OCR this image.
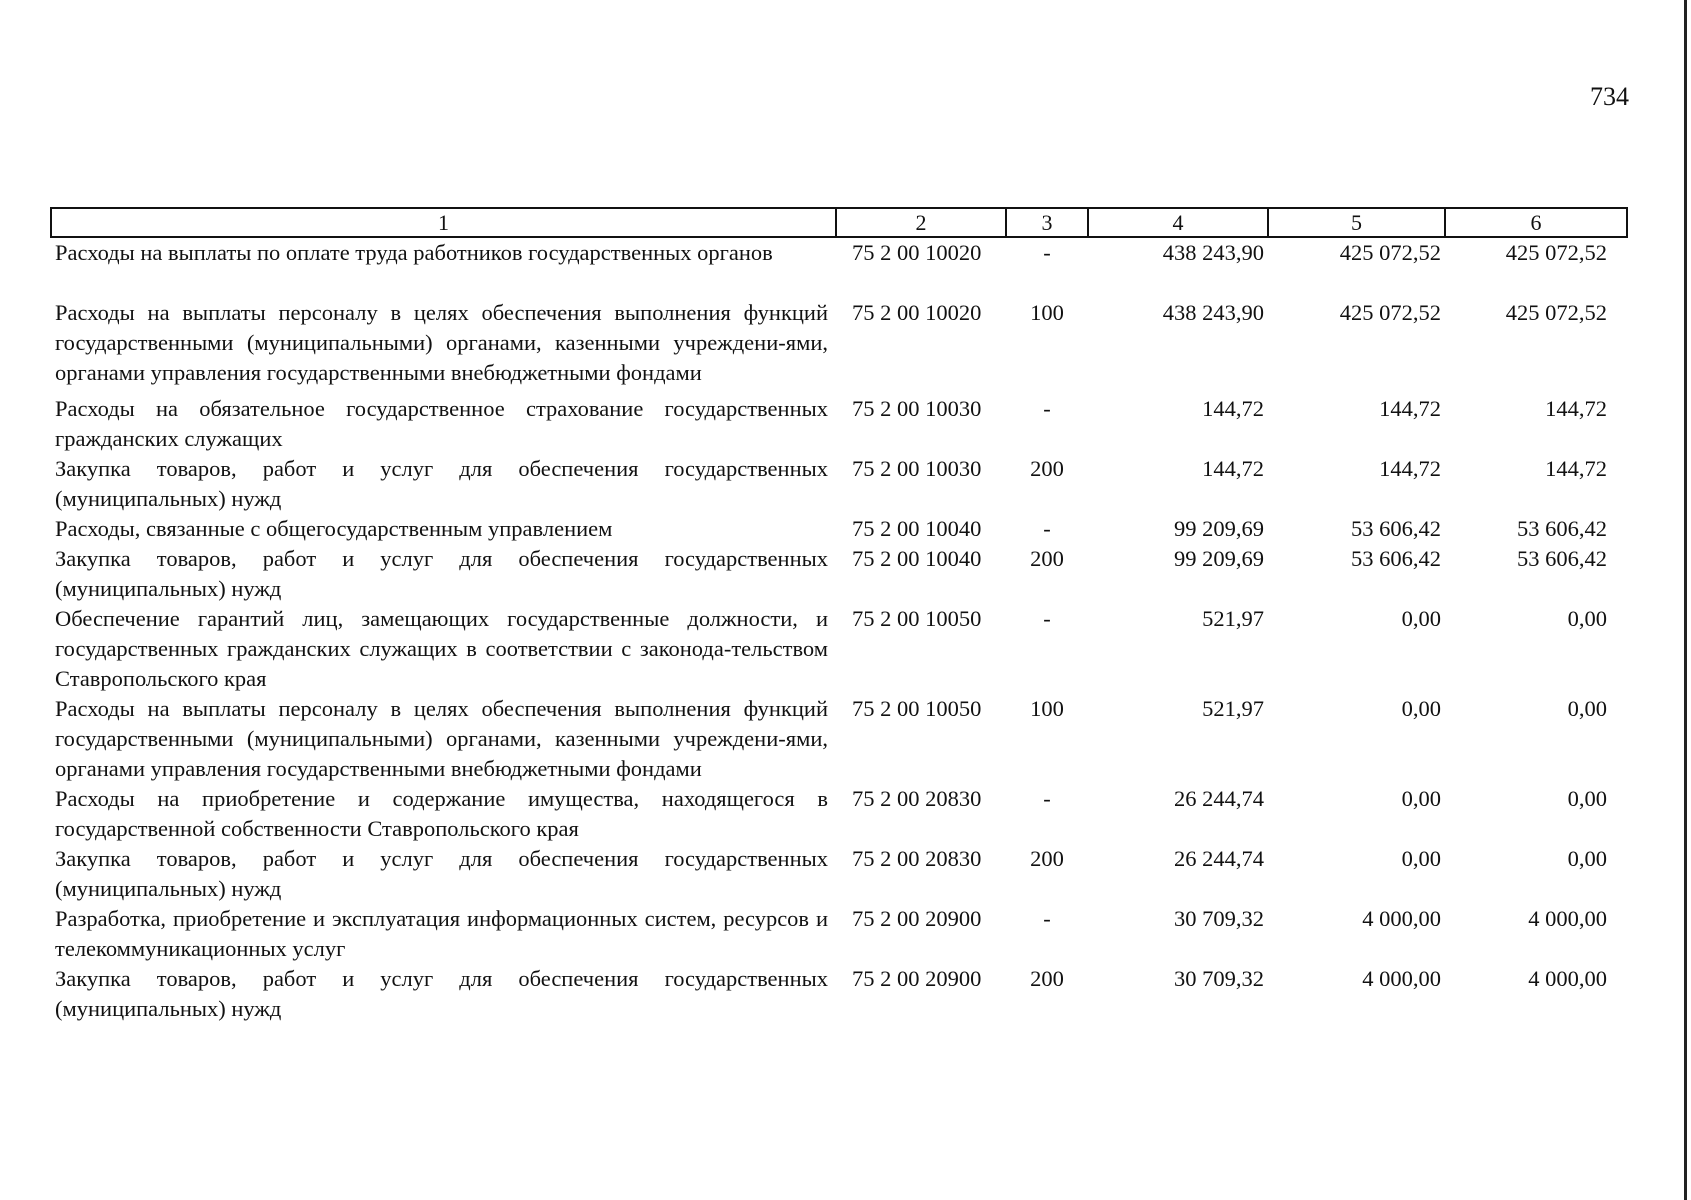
734
1	2	3	4	5	6
Расходы на выплаты по оплате труда работников государственных органов	75 2 00 10020	-	438 243,90	425 072,52	425 072,52
Расходы на выплаты персоналу в целях обеспечения выполнения функций государственными (муниципальными) органами, казенными учреждени-ями, органами управления государственными внебюджетными фондами	75 2 00 10020	100	438 243,90	425 072,52	425 072,52
Расходы на обязательное государственное страхование государственных гражданских служащих	75 2 00 10030	-	144,72	144,72	144,72
Закупка товаров, работ и услуг для обеспечения государственных (муниципальных) нужд	75 2 00 10030	200	144,72	144,72	144,72
Расходы, связанные с общегосударственным управлением	75 2 00 10040	-	99 209,69	53 606,42	53 606,42
Закупка товаров, работ и услуг для обеспечения государственных (муниципальных) нужд	75 2 00 10040	200	99 209,69	53 606,42	53 606,42
Обеспечение гарантий лиц, замещающих государственные должности, и государственных гражданских служащих в соответствии с законода-тельством Ставропольского края	75 2 00 10050	-	521,97	0,00	0,00
Расходы на выплаты персоналу в целях обеспечения выполнения функций государственными (муниципальными) органами, казенными учреждени-ями, органами управления государственными внебюджетными фондами	75 2 00 10050	100	521,97	0,00	0,00
Расходы на приобретение и содержание имущества, находящегося в государственной собственности Ставропольского края	75 2 00 20830	-	26 244,74	0,00	0,00
Закупка товаров, работ и услуг для обеспечения государственных (муниципальных) нужд	75 2 00 20830	200	26 244,74	0,00	0,00
Разработка, приобретение и эксплуатация информационных систем, ресурсов и телекоммуникационных услуг	75 2 00 20900	-	30 709,32	4 000,00	4 000,00
Закупка товаров, работ и услуг для обеспечения государственных (муниципальных) нужд	75 2 00 20900	200	30 709,32	4 000,00	4 000,00
